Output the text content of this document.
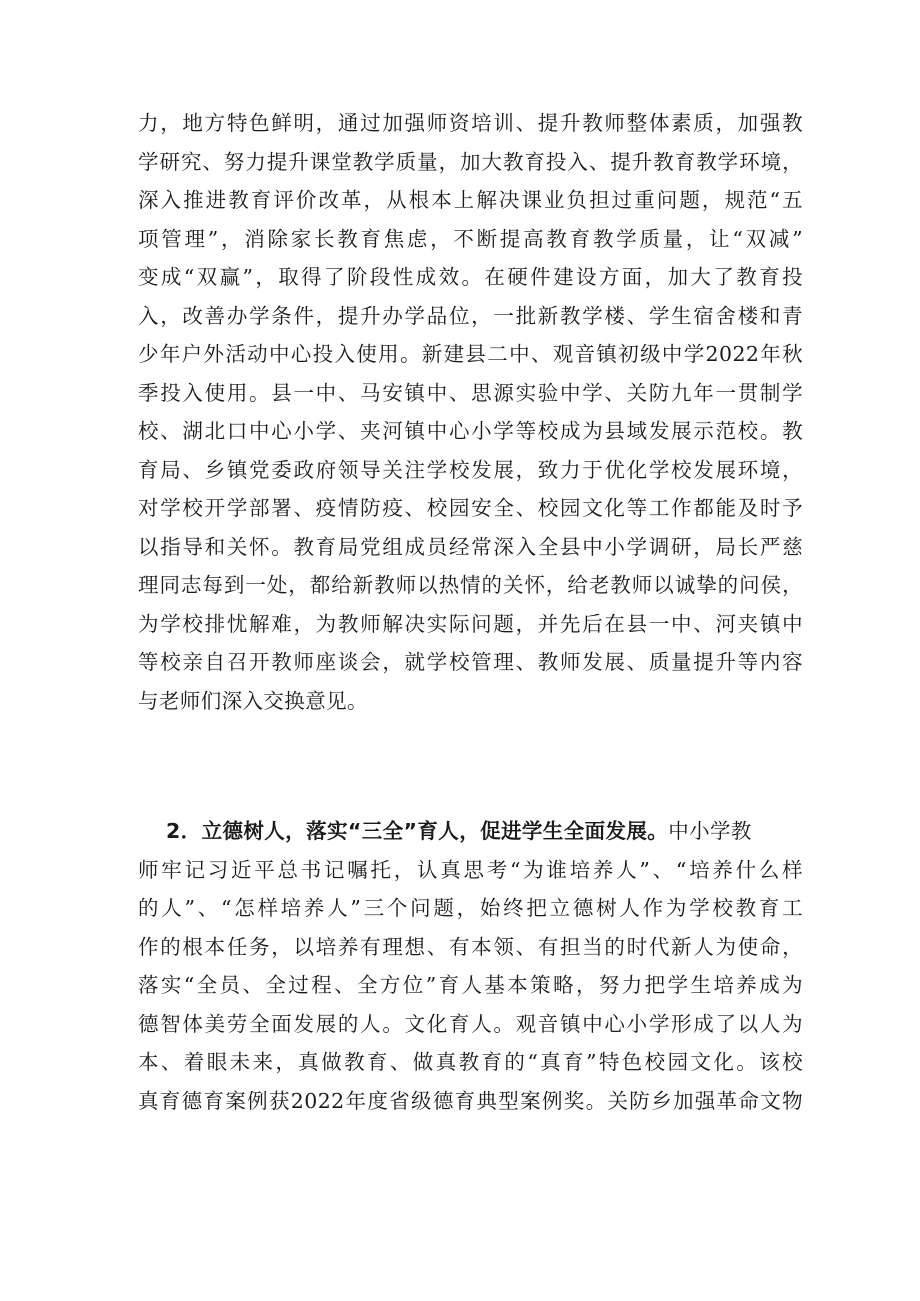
力，地方特色鲜明，通过加强师资培训、提升教师整体素质，加强教
学研究、努力提升课堂教学质量，加大教育投入、提升教育教学环境，
深入推进教育评价改革，从根本上解决课业负担过重问题，规范“五
项管理”，消除家长教育焦虑，不断提高教育教学质量，让“双减”
变成“双赢”，取得了阶段性成效。在硬件建设方面，加大了教育投
入，改善办学条件，提升办学品位，一批新教学楼、学生宿舍楼和青
少年户外活动中心投入使用。新建县二中、观音镇初级中学2022年秋
季投入使用。县一中、马安镇中、思源实验中学、关防九年一贯制学
校、湖北口中心小学、夹河镇中心小学等校成为县域发展示范校。教
育局、乡镇党委政府领导关注学校发展，致力于优化学校发展环境，
对学校开学部署、疫情防疫、校园安全、校园文化等工作都能及时予
以指导和关怀。教育局党组成员经常深入全县中小学调研，局长严慈
理同志每到一处，都给新教师以热情的关怀，给老教师以诚挚的问侯，
为学校排忧解难，为教师解决实际问题，并先后在县一中、河夹镇中
等校亲自召开教师座谈会，就学校管理、教师发展、质量提升等内容
与老师们深入交换意见。
2．立德树人，落实“三全”育人，促进学生全面发展。中小学教
师牢记习近平总书记嘱托，认真思考“为谁培养人”、“培养什么样
的人”、“怎样培养人”三个问题，始终把立德树人作为学校教育工
作的根本任务，以培养有理想、有本领、有担当的时代新人为使命，
落实“全员、全过程、全方位”育人基本策略，努力把学生培养成为
德智体美劳全面发展的人。文化育人。观音镇中心小学形成了以人为
本、着眼未来，真做教育、做真教育的“真育”特色校园文化。该校
真育德育案例获2022年度省级德育典型案例奖。关防乡加强革命文物
